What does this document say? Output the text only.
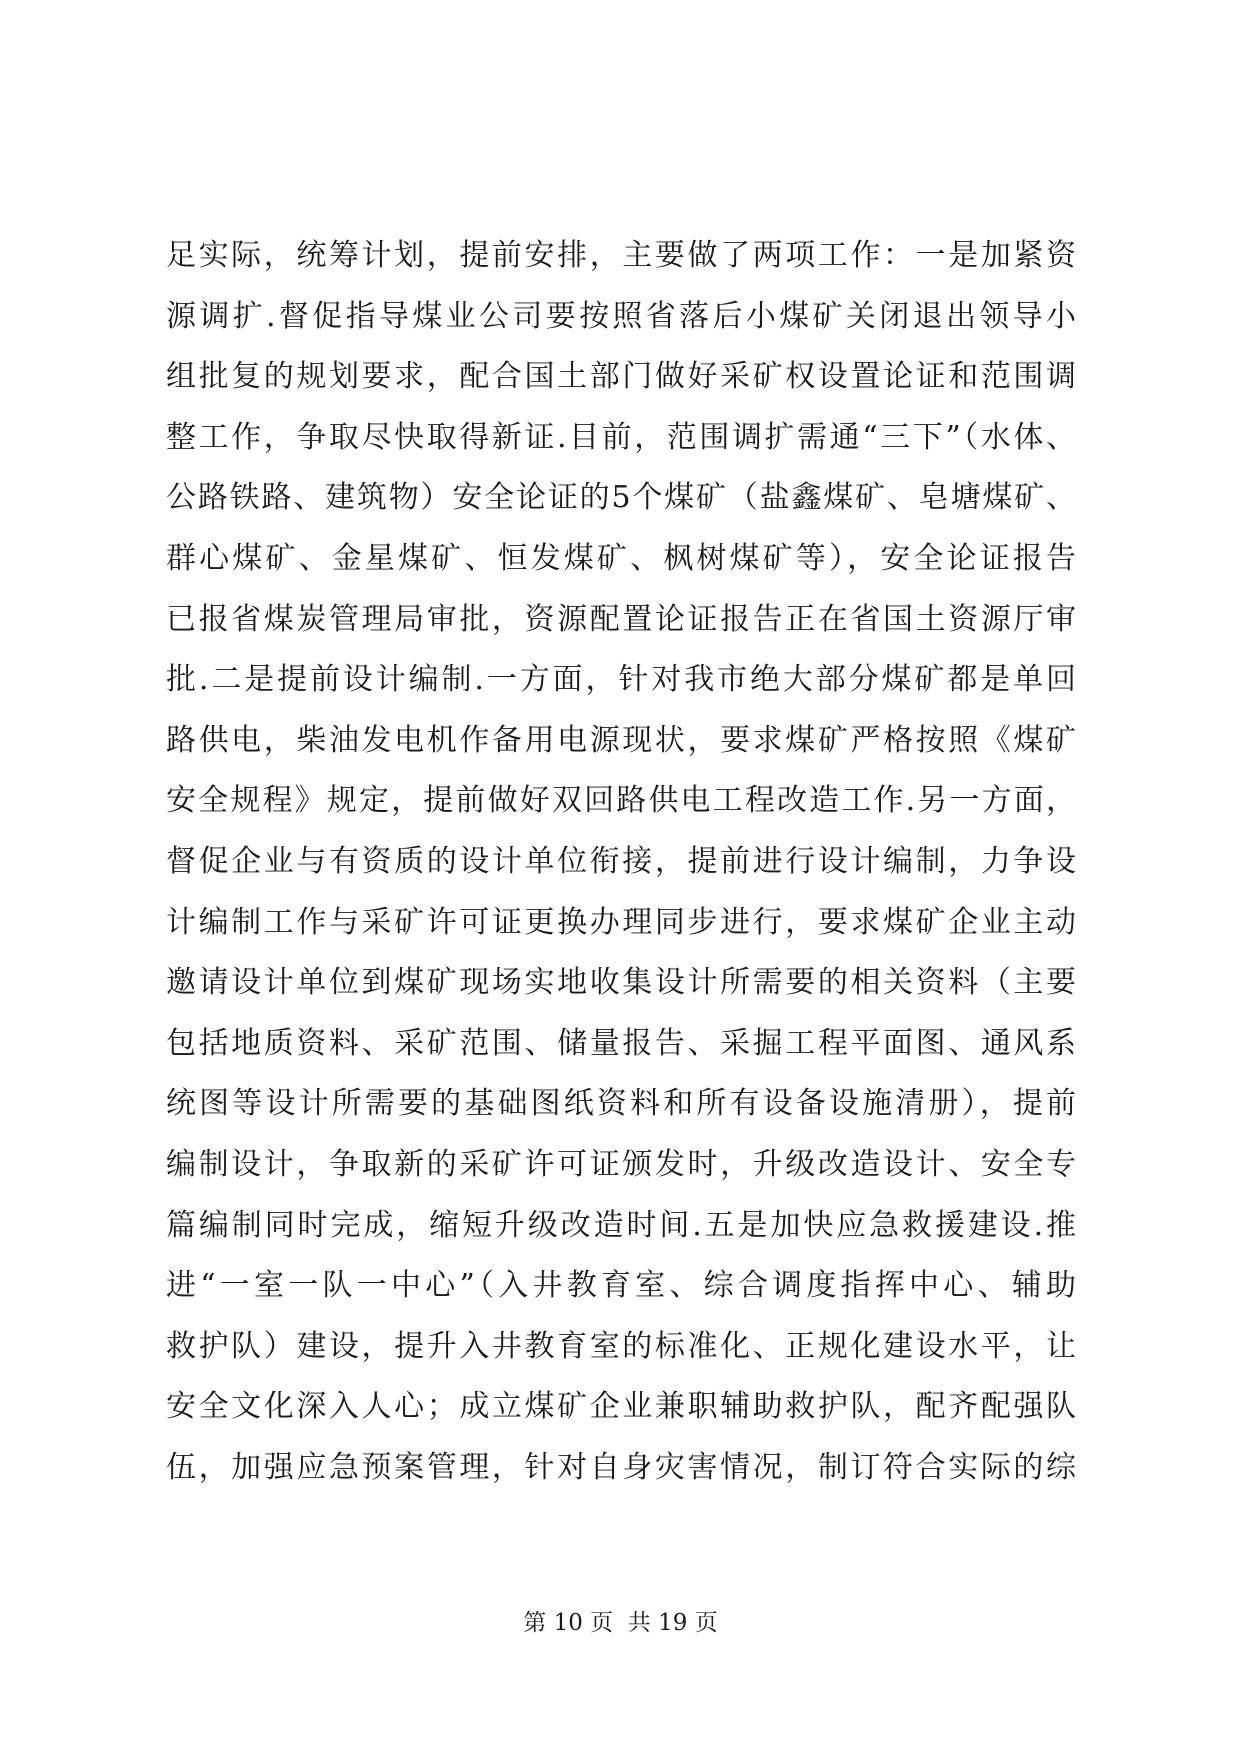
足实际，统筹计划，提前安排，主要做了两项工作：一是加紧资
源调扩.督促指导煤业公司要按照省落后小煤矿关闭退出领导小
组批复的规划要求，配合国土部门做好采矿权设置论证和范围调
整工作，争取尽快取得新证.目前，范围调扩需通“三下”（水体、
公路铁路、建筑物）安全论证的5个煤矿（盐鑫煤矿、皂塘煤矿、
群心煤矿、金星煤矿、恒发煤矿、枫树煤矿等），安全论证报告
已报省煤炭管理局审批，资源配置论证报告正在省国土资源厅审
批.二是提前设计编制.一方面，针对我市绝大部分煤矿都是单回
路供电，柴油发电机作备用电源现状，要求煤矿严格按照《煤矿
安全规程》规定，提前做好双回路供电工程改造工作.另一方面，
督促企业与有资质的设计单位衔接，提前进行设计编制，力争设
计编制工作与采矿许可证更换办理同步进行，要求煤矿企业主动
邀请设计单位到煤矿现场实地收集设计所需要的相关资料（主要
包括地质资料、采矿范围、储量报告、采掘工程平面图、通风系
统图等设计所需要的基础图纸资料和所有设备设施清册），提前
编制设计，争取新的采矿许可证颁发时，升级改造设计、安全专
篇编制同时完成，缩短升级改造时间.五是加快应急救援建设.推
进“一室一队一中心”（入井教育室、综合调度指挥中心、辅助
救护队）建设，提升入井教育室的标准化、正规化建设水平，让
安全文化深入人心；成立煤矿企业兼职辅助救护队，配齐配强队
伍，加强应急预案管理，针对自身灾害情况，制订符合实际的综
第 10 页  共 19 页
